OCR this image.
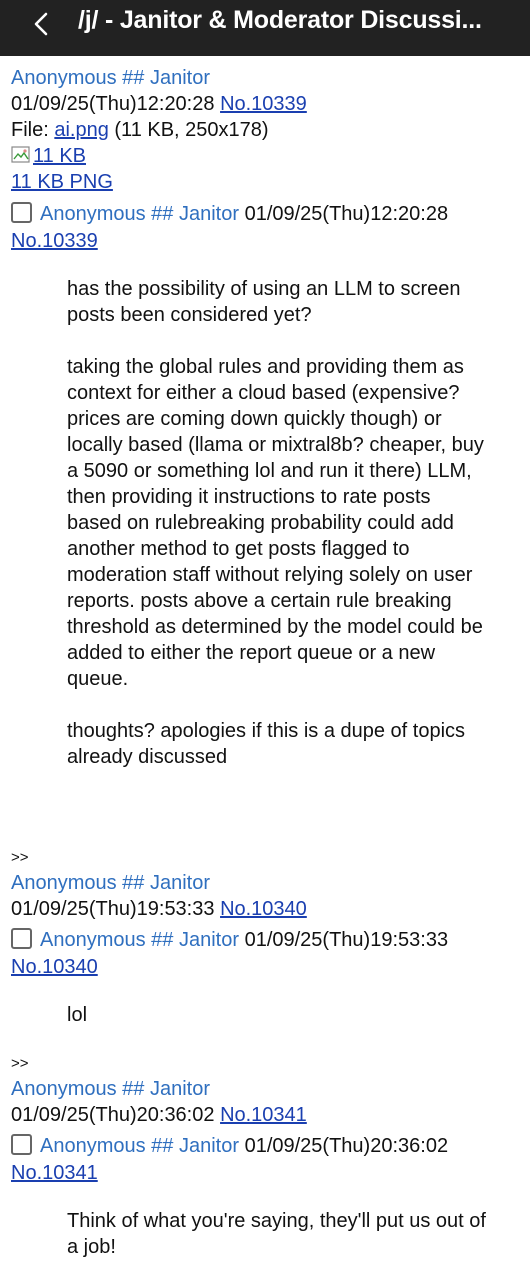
/j/ - Janitor & Moderator Discussi...
Anonymous ## Janitor
01/09/25(Thu)12:20:28 No.10339
File: ai.png (11 KB, 250x178)
11 KB
11 KB PNG
Anonymous ## Janitor 01/09/25(Thu)12:20:28
No.10339

has the possibility of using an LLM to screen posts been considered yet?

taking the global rules and providing them as context for either a cloud based (expensive? prices are coming down quickly though) or locally based (llama or mixtral8b? cheaper, buy a 5090 or something lol and run it there) LLM, then providing it instructions to rate posts based on rulebreaking probability could add another method to get posts flagged to moderation staff without relying solely on user reports. posts above a certain rule breaking threshold as determined by the model could be added to either the report queue or a new queue.

thoughts? apologies if this is a dupe of topics already discussed

>>
Anonymous ## Janitor
01/09/25(Thu)19:53:33 No.10340
Anonymous ## Janitor 01/09/25(Thu)19:53:33
No.10340

lol

>>
Anonymous ## Janitor
01/09/25(Thu)20:36:02 No.10341
Anonymous ## Janitor 01/09/25(Thu)20:36:02
No.10341

Think of what you're saying, they'll put us out of a job!
